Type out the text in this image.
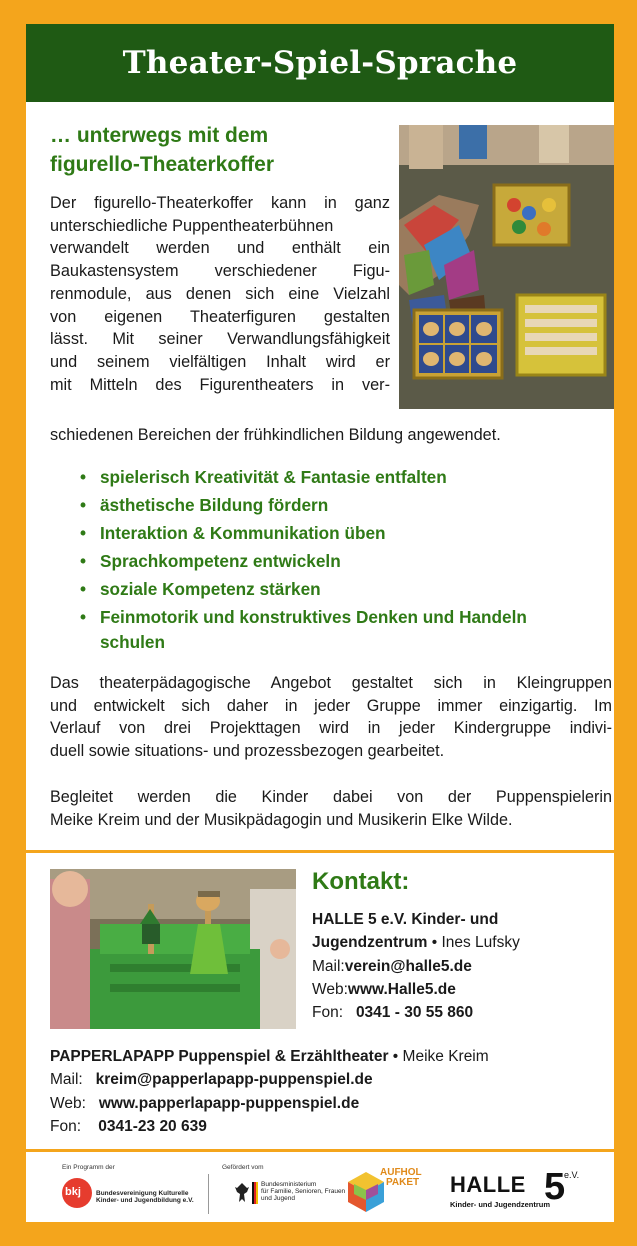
Theater-Spiel-Sprache
… unterwegs mit dem
figurello-Theaterkoffer
Der figurello-Theaterkoffer kann in ganz
unterschiedliche Puppentheaterbühnen
verwandelt werden und enthält ein
Baukastensystem verschiedener Figu-
renmodule, aus denen sich eine Vielzahl
von eigenen Theaterfiguren gestalten
lässt. Mit seiner Verwandlungsfähigkeit
und seinem vielfältigen Inhalt wird er
mit Mitteln des Figurentheaters in ver-
schiedenen Bereichen der frühkindlichen Bildung angewendet.
• spielerisch Kreativität & Fantasie entfalten
• ästhetische Bildung fördern
• Interaktion & Kommunikation üben
• Sprachkompetenz entwickeln
• soziale Kompetenz stärken
• Feinmotorik und konstruktives Denken und Handeln schulen
Das theaterpädagogische Angebot gestaltet sich in Kleingruppen
und entwickelt sich daher in jeder Gruppe immer einzigartig. Im
Verlauf von drei Projekttagen wird in jeder Kindergruppe indivi-
duell sowie situations- und prozessbezogen gearbeitet.
Begleitet werden die Kinder dabei von der Puppenspielerin
Meike Kreim und der Musikpädagogin und Musikerin Elke Wilde.
Kontakt:
HALLE 5 e.V. Kinder- und
Jugendzentrum • Ines Lufsky
Mail:verein@halle5.de
Web:www.Halle5.de
Fon:   0341 - 30 55 860
PAPPERLAPAPP Puppenspiel & Erzähltheater • Meike Kreim
Mail:   kreim@papperlapapp-puppenspiel.de
Web:   www.papperlapapp-puppenspiel.de
Fon:    0341-23 20 639
Ein Programm der
bkj Bundesvereinigung Kulturelle
Kinder- und Jugendbildung e.V.
Gefördert vom
Bundesministerium
für Familie, Senioren, Frauen
und Jugend
AUFHOL
PAKET HALLE 5
e.V.
Kinder- und Jugendzentrum
